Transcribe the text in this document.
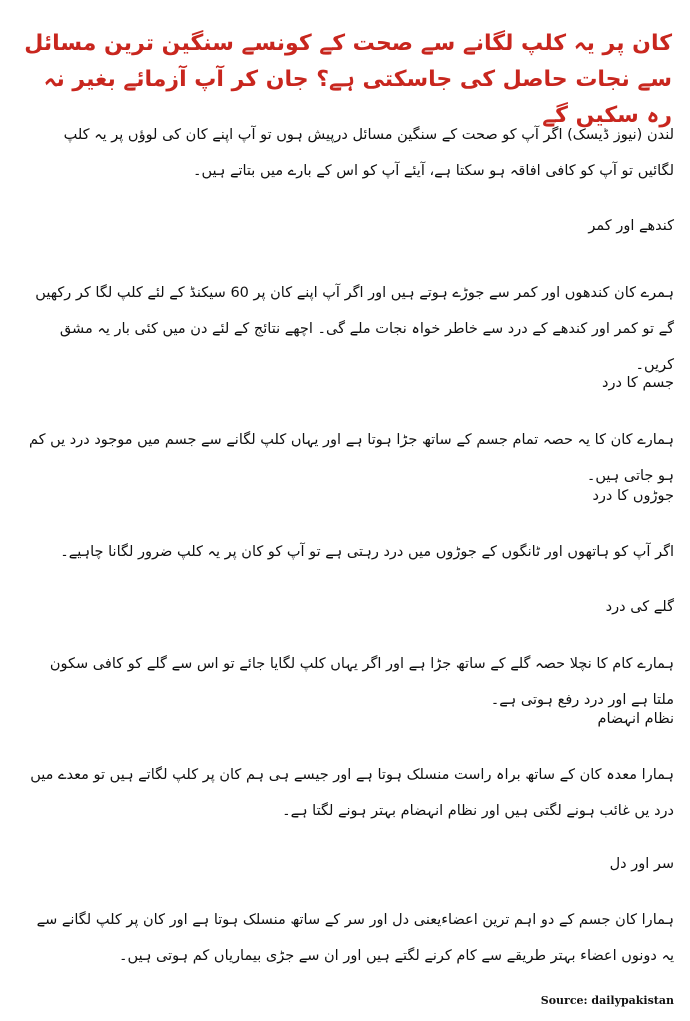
کان پر یہ کلپ لگانے سے صحت کے کونسے سنگین ترین مسائل سے نجات حاصل کی جاسکتی ہے؟ جان کر آپ آزمائے بغیر نہ رہ سکیں گے
لندن (نیوز ڈیسک) اگر آپ کو صحت کے سنگین مسائل درپیش ہوں تو آپ اپنے کان کی لوﺅں پر یہ کلپ لگائیں تو آپ کو کافی افاقہ ہو سکتا ہے، آیئے آپ کو اس کے بارے میں بتاتے ہیں۔
کندھے اور کمر
ہمرے کان کندھوں اور کمر سے جوڑے ہوتے ہیں اور اگر آپ اپنے کان پر 60 سیکنڈ کے لئے کلپ لگا کر رکھیں گے تو کمر اور کندھے کے درد سے خاطر خواہ نجات ملے گی۔ اچھے نتائج کے لئے دن میں کئی بار یہ مشق کریں۔
جسم کا درد
ہمارے کان کا یہ حصہ تمام جسم کے ساتھ جڑا ہوتا ہے اور یہاں کلپ لگانے سے جسم میں موجود درد یں کم ہو جاتی ہیں۔
جوڑوں کا درد
اگر آپ کو ہاتھوں اور ٹانگوں کے جوڑوں میں درد رہتی ہے تو آپ کو کان پر یہ کلپ ضرور لگانا چاہیے۔
گلے کی درد
ہمارے کام کا نچلا حصہ گلے کے ساتھ جڑا ہے اور اگر یہاں کلپ لگایا جائے تو اس سے گلے کو کافی سکون ملتا ہے اور درد رفع ہوتی ہے۔
نظام انہضام
ہمارا معدہ کان کے ساتھ براہ راست منسلک ہوتا ہے اور جیسے ہی ہم کان پر کلپ لگاتے ہیں تو معدے میں درد یں غائب ہونے لگتی ہیں اور نظام انہضام بہتر ہونے لگتا ہے۔
سر اور دل
ہمارا کان جسم کے دو اہم ترین اعضاءیعنی دل اور سر کے ساتھ منسلک ہوتا ہے اور کان پر کلپ لگانے سے یہ دونوں اعضاء بہتر طریقے سے کام کرنے لگتے ہیں اور ان سے جڑی بیماریاں کم ہوتی ہیں۔
Source: dailypakistan
